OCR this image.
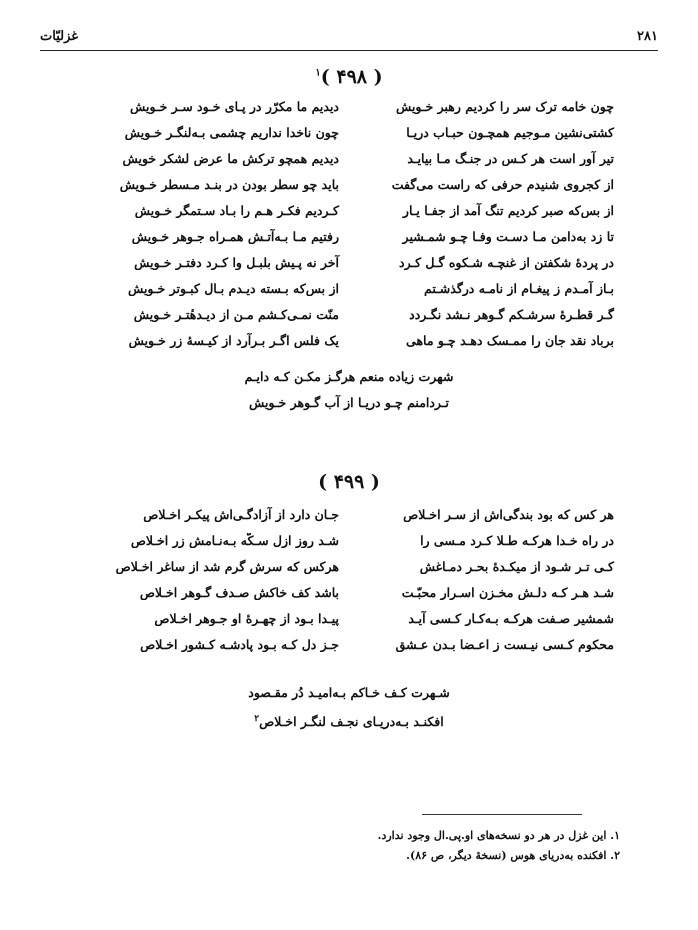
۲۸۱
غزلیّات
( ۴۹۸ )$^۱$
چون خامه ترک سر را کردیم رهبر خـویش
دیدیم ما مکرّر در پـای خـود سـر خـویش
کشتی‌نشین مـوجیم همچـون حبـاب دریـا
چون ناخدا نداریم چشمی بـه‌لنگـر خـویش
تیر آور است هر کـس در جنـگ مـا بیایـد
دیدیم همچو ترکش ما عرض لشکر خویش
از کجروی شنیدم حرفی که راست می‌گفت
باید چو سطر بودن در بنـد مـسطر خـویش
از بس‌که صبر کردیم تنگ آمد از جفـا یـار
کـردیم فکـر هـم را بـاد سـتمگر خـویش
تا زد به‌دامن مـا دسـت وفـا چـو شمـشیر
رفتیم مـا بـه‌آتـش همـراه جـوهر خـویش
در پردهٔ شکفتن از غنچـه شـکوه گـل کـرد
آخر نه پـیش بلبـل وا کـرد دفتـر خـویش
بـاز آمـدم ز پیغـام از نامـه درگذشـتم
از بس‌که بـسته دیـدم بـال کبـوتر خـویش
گـر قطـرهٔ سرشـکم گـوهر نـشد نگـردد
منّت نمـی‌کـشم مـن از دیـدهٔتـر خـویش
برباد نقد جان را ممـسک دهـد چـو ماهی
یک فلس اگـر بـرآرد از کیـسهٔ زر خـویش
شهرت زیاده منعم هرگـز مکـن کـه دایـم
تـردامنم چـو دریـا از آب گـوهر خـویش
( ۴۹۹ )
هر کس که بود بندگی‌اش از سـر اخـلاص
جـان دارد از آزادگـی‌اش پیکـر اخـلاص
در راه خـدا هرکـه طـلا کـرد مـسی را
شـد روز ازل سـکّه بـه‌نـامش زر اخـلاص
کـی تـر شـود از میکـدهٔ بحـر دمـاغش
هرکس که سرش گرم شد از ساغر اخـلاص
شـد هـر کـه دلـش مخـزن اسـرار محبّـت
باشد کف خاکش صـدف گـوهر اخـلاص
شمشیر صـفت هرکـه بـه‌کـار کـسی آیـد
پیـدا بـود از چهـرهٔ او جـوهر اخـلاص
محکوم کـسی نیـست ز اعـضا بـدن عـشق
جـز دل کـه بـود پادشـه کـشور اخـلاص
شـهرت کـف خـاکم بـه‌امیـد دُر مقـصود
افکنـد بـه‌دریـای نجـف لنگـر اخـلاص$^۲$
۱. این غزل در هر دو نسخه‌های او.پی.ال وجود ندارد.
۲. افکنده به‌دریای هوس (نسخهٔ دیگر، ص ۸۶).
